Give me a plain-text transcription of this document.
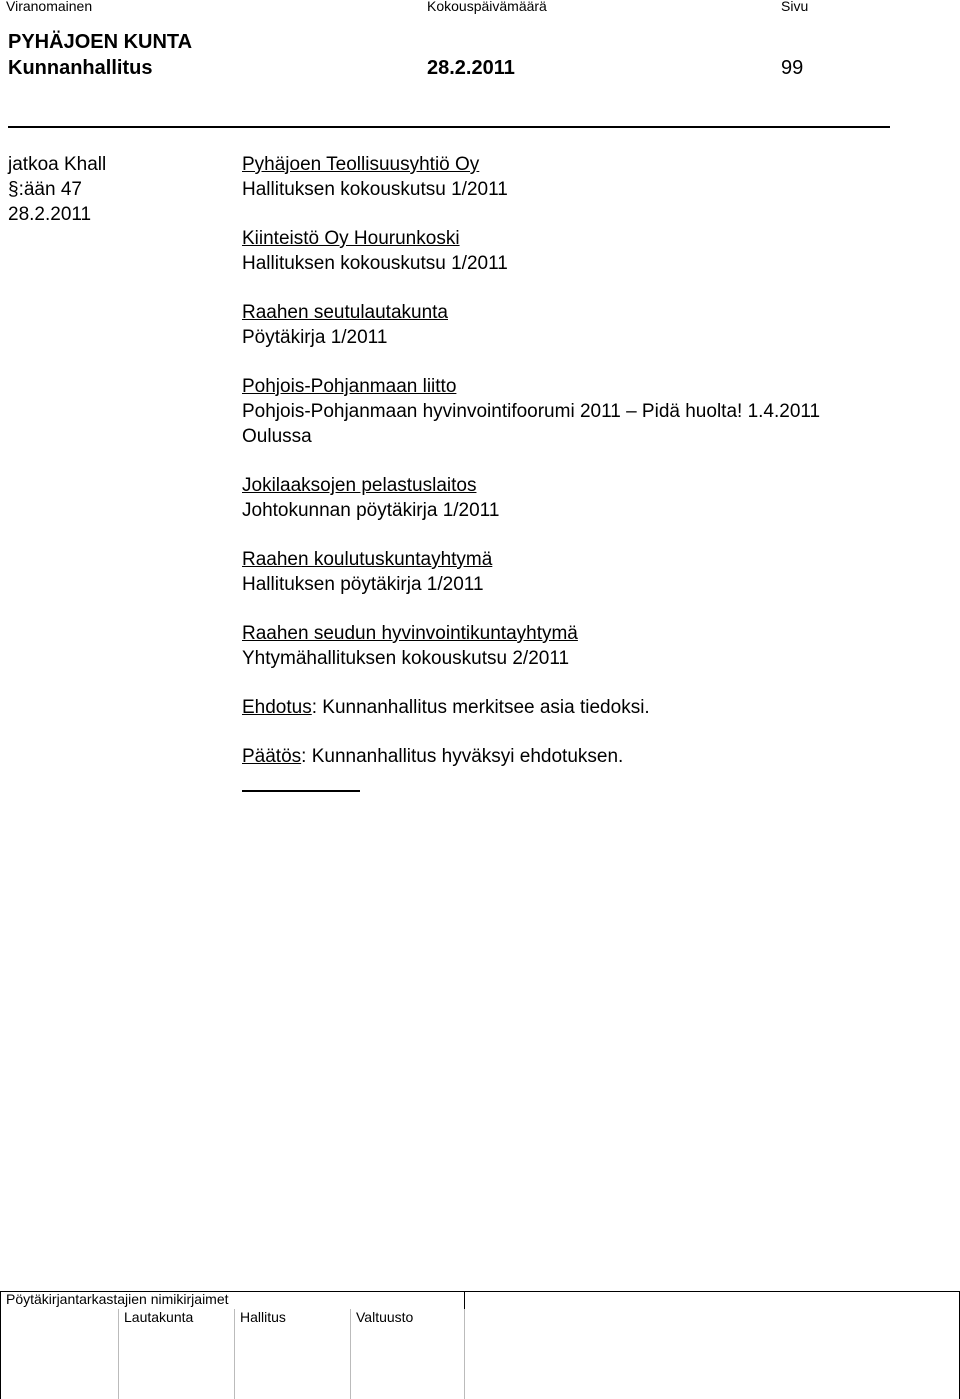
Viranomainen	Kokouspäivämäärä	Sivu
PYHÄJOEN KUNTA
Kunnanhallitus	28.2.2011	99
jatkoa Khall
§:ään 47
28.2.2011
Pyhäjoen Teollisuusyhtiö Oy
Hallituksen kokouskutsu 1/2011
Kiinteistö Oy Hourunkoski
Hallituksen kokouskutsu 1/2011
Raahen seutulautakunta
Pöytäkirja 1/2011
Pohjois-Pohjanmaan liitto
Pohjois-Pohjanmaan hyvinvointifoorumi 2011 – Pidä huolta! 1.4.2011
Oulussa
Jokilaaksojen pelastuslaitos
Johtokunnan pöytäkirja 1/2011
Raahen koulutuskuntayhtymä
Hallituksen pöytäkirja 1/2011
Raahen seudun hyvinvointikuntayhtymä
Yhtymähallituksen kokouskutsu 2/2011
Ehdotus: Kunnanhallitus merkitsee asia tiedoksi.
Päätös: Kunnanhallitus hyväksyi ehdotuksen.
Pöytäkirjantarkastajien nimikirjaimet
Lautakunta	Hallitus	Valtuusto
